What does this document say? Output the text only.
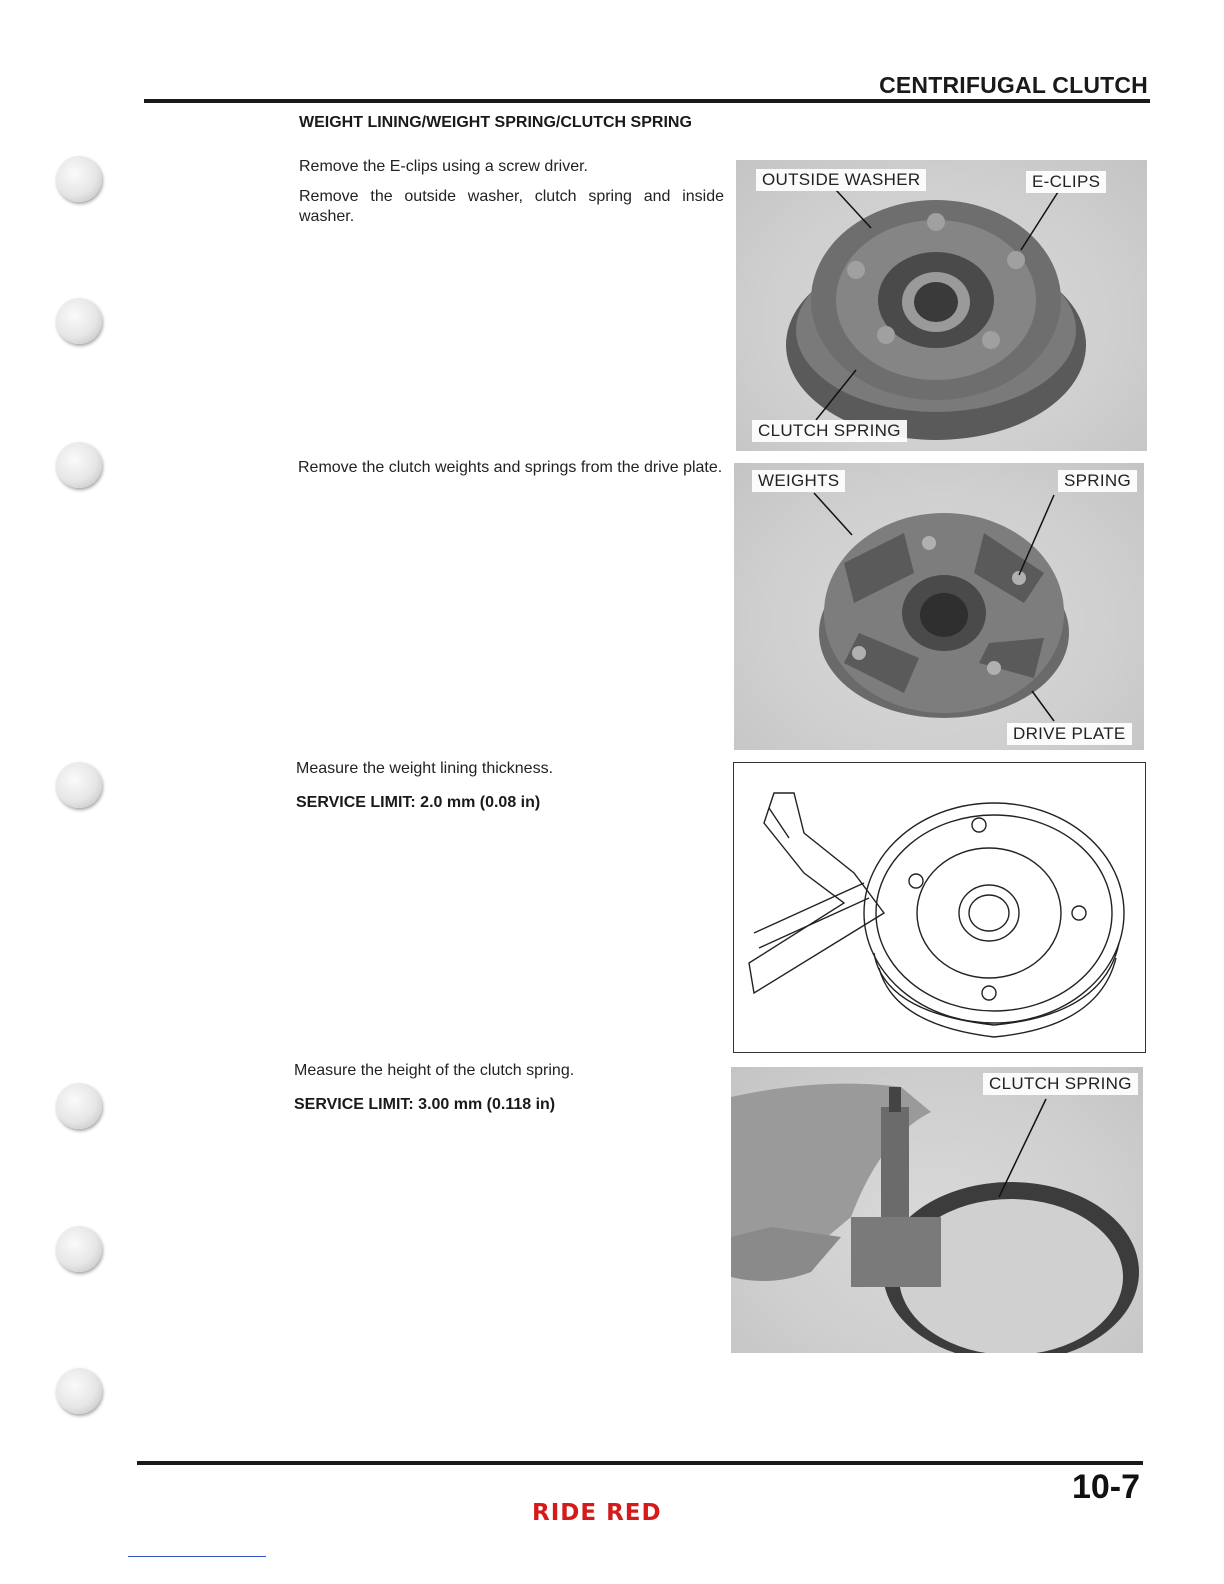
CENTRIFUGAL CLUTCH
WEIGHT LINING/WEIGHT SPRING/CLUTCH SPRING
Remove the E-clips using a screw driver.
Remove the outside washer, clutch spring and inside washer.
Remove the clutch weights and springs from the drive plate.
Measure the weight lining thickness.
SERVICE LIMIT: 2.0 mm (0.08 in)
Measure the height of the clutch spring.
SERVICE LIMIT: 3.00 mm (0.118 in)
OUTSIDE WASHER	E-CLIPS
CLUTCH SPRING
WEIGHTS	SPRING
DRIVE PLATE
CLUTCH SPRING
10-7
RIDE RED
